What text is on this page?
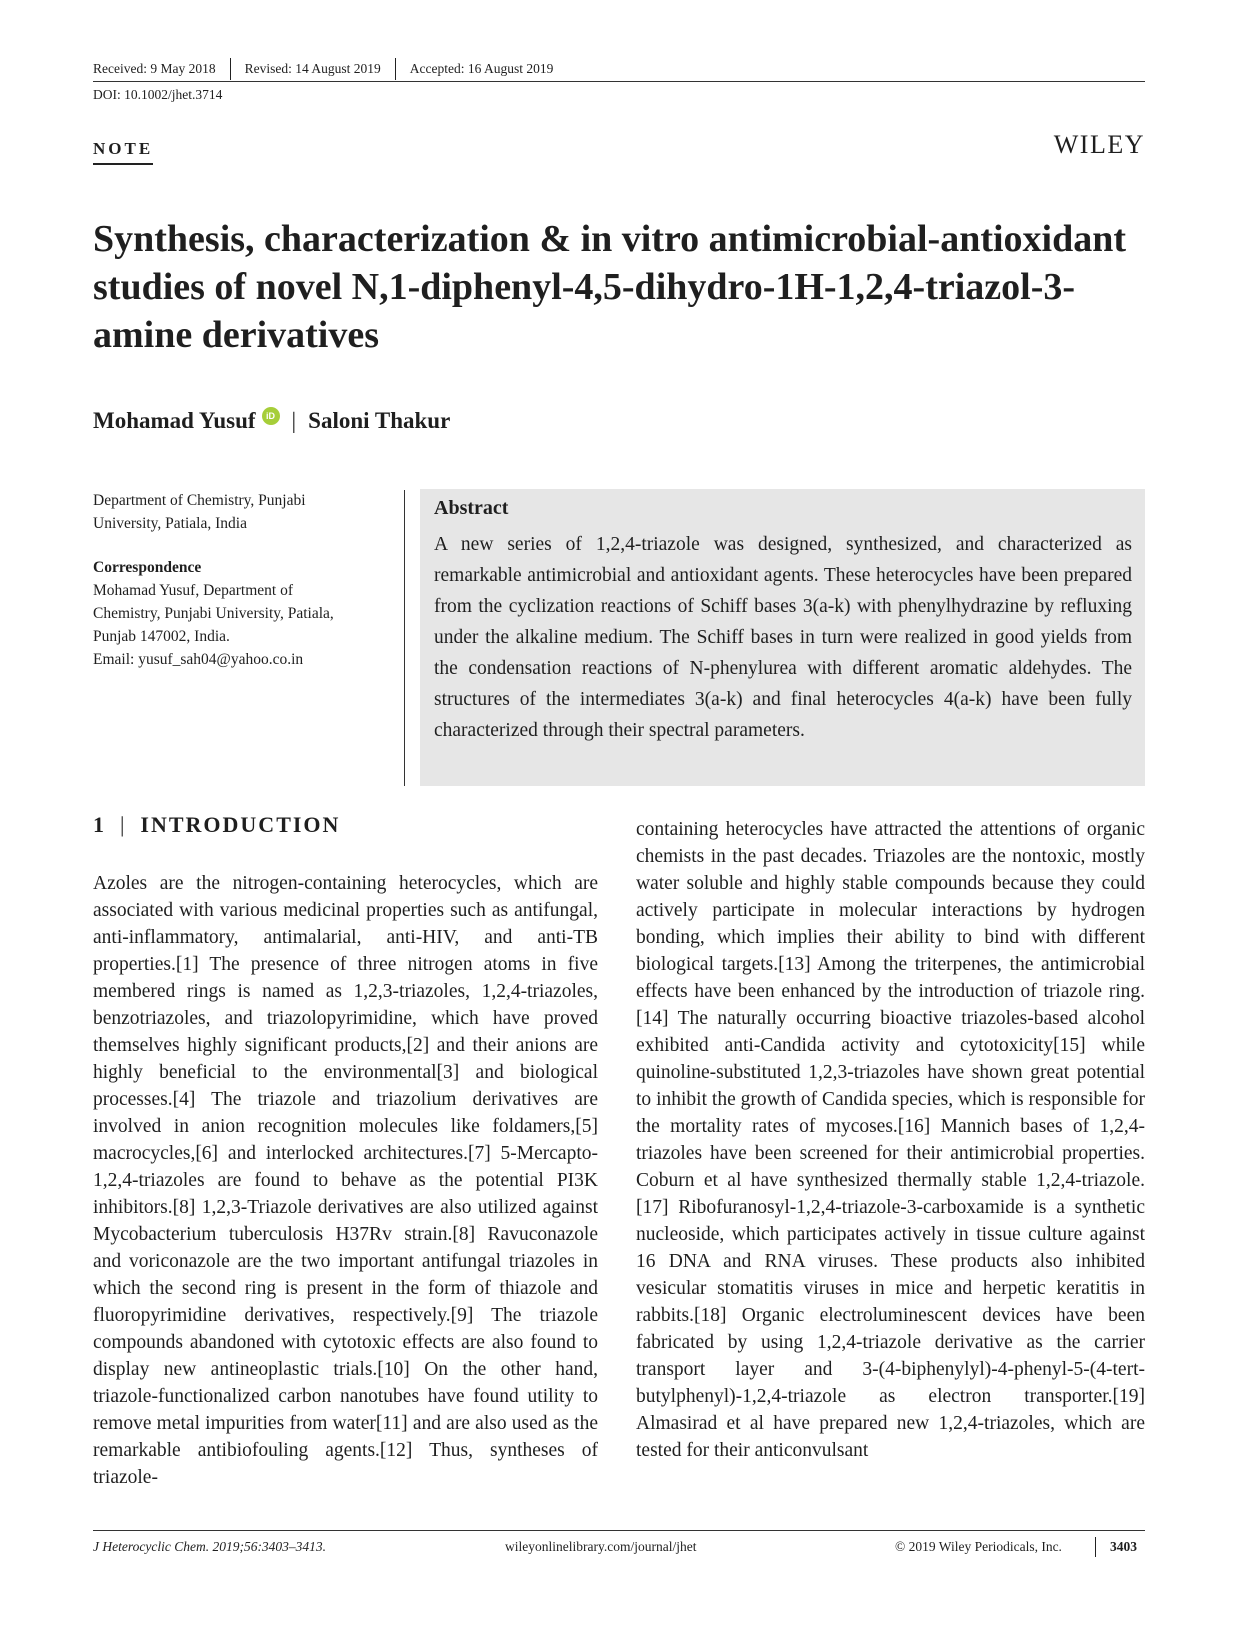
Received: 9 May 2018	Revised: 14 August 2019	Accepted: 16 August 2019
DOI: 10.1002/jhet.3714
NOTE	WILEY
Synthesis, characterization & in vitro antimicrobial-antioxidant studies of novel N,1-diphenyl-4,5-dihydro-1H-1,2,4-triazol-3-amine derivatives
Mohamad Yusuf	iD | Saloni Thakur

Department of Chemistry, Punjabi University, Patiala, India

Correspondence
Mohamad Yusuf, Department of
Chemistry, Punjabi University, Patiala,
Punjab 147002, India.
Email: yusuf_sah04@yahoo.co.in
Abstract

A new series of 1,2,4-triazole was designed, synthesized, and characterized as remarkable antimicrobial and antioxidant agents. These heterocycles have been prepared from the cyclization reactions of Schiff bases 3(a-k) with phenylhydrazine by refluxing under the alkaline medium. The Schiff bases in turn were realized in good yields from the condensation reactions of N-phenylurea with different aromatic aldehydes. The structures of the intermediates 3(a-k) and final heterocycles 4(a-k) have been fully characterized through their spectral parameters.

1 | INTRODUCTION

Azoles are the nitrogen-containing heterocycles, which are associated with various medicinal properties such as antifungal, anti-inflammatory, antimalarial, anti-HIV, and anti-TB properties.[1] The presence of three nitrogen atoms in five membered rings is named as 1,2,3-triazoles, 1,2,4-triazoles, benzotriazoles, and triazolopyrimidine, which have proved themselves highly significant products,[2] and their anions are highly beneficial to the environmental[3] and biological processes.[4] The triazole and triazolium derivatives are involved in anion recognition molecules like foldamers,[5] macrocycles,[6] and interlocked architectures.[7] 5-Mercapto-1,2,4-triazoles are found to behave as the potential PI3K inhibitors.[8] 1,2,3-Triazole derivatives are also utilized against Mycobacterium tuberculosis H37Rv strain.[8] Ravuconazole and voriconazole are the two important antifungal triazoles in which the second ring is present in the form of thiazole and fluoropyrimidine derivatives, respectively.[9] The triazole compounds abandoned with cytotoxic effects are also found to display new antineoplastic trials.[10] On the other hand, triazole-functionalized carbon nanotubes have found utility to remove metal impurities from water[11] and are also used as the remarkable antibiofouling agents.[12] Thus, syntheses of triazole-

containing heterocycles have attracted the attentions of organic chemists in the past decades. Triazoles are the nontoxic, mostly water soluble and highly stable compounds because they could actively participate in molecular interactions by hydrogen bonding, which implies their ability to bind with different biological targets.[13] Among the triterpenes, the antimicrobial effects have been enhanced by the introduction of triazole ring.[14] The naturally occurring bioactive triazoles-based alcohol exhibited anti-Candida activity and cytotoxicity[15] while quinoline-substituted 1,2,3-triazoles have shown great potential to inhibit the growth of Candida species, which is responsible for the mortality rates of mycoses.[16] Mannich bases of 1,2,4-triazoles have been screened for their antimicrobial properties. Coburn et al have synthesized thermally stable 1,2,4-triazole.[17] Ribofuranosyl-1,2,4-triazole-3-carboxamide is a synthetic nucleoside, which participates actively in tissue culture against 16 DNA and RNA viruses. These products also inhibited vesicular stomatitis viruses in mice and herpetic keratitis in rabbits.[18] Organic electroluminescent devices have been fabricated by using 1,2,4-triazole derivative as the carrier transport layer and 3-(4-biphenylyl)-4-phenyl-5-(4-tert-butylphenyl)-1,2,4-triazole as electron transporter.[19] Almasirad et al have prepared new 1,2,4-triazoles, which are tested for their anticonvulsant

J Heterocyclic Chem. 2019;56:3403–3413.	wileyonlinelibrary.com/journal/jhet	© 2019 Wiley Periodicals, Inc.	3403
